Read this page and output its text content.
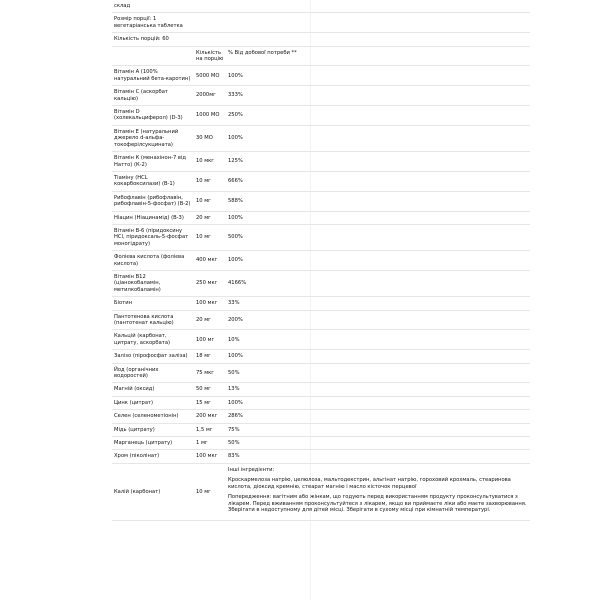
склад		
Розмір порції: 1 вегетаріанська таблетка		
Кількість порцій: 60		
	Кількість на порцію	% Від добової потреби **
Вітамін А (100% натуральний бета-каротин)	5000 МО	100%
Вітамін С (аскорбат кальцію)	2000мг	333%
Вітамін D (холекальциферол) (D-3)	1000 МО	250%
Вітамін Е (натуральний джерело d-альфа-токоферілсукцината)	30 МО	100%
Вітамін К (менахінон-7 від Натто) (К-2)	10 мкг	125%
Тіаміну (HCL кокарбоксилази) (В-1)	10 мг	666%
Рибофлавін (рибофлавін, рибофлавін-5-фосфат) (В-2)	10 мг	588%
Ніацин (Ніацинамід) (В-3)	20 мг	100%
Вітамін В-6 (піридоксину HCl, піридоксаль-5-фосфат моногідрату)	10 мг	500%
Фолієва кислота (фолієва кислота)	400 мкг	100%
Вітамін В12 (ціанокобаламін, метилкобаламін)	250 мкг	4166%
Біотин	100 мкг	33%
Пантотенова кислота (пантотенат кальцію)	20 мг	200%
Кальцій (карбонат, цитрату, аскорбата)	100 мг	10%
Залізо (пірофосфат заліза)	18 мг	100%
Йод (органічних водоростей)	75 мкг	50%
Магній (оксид)	50 мг	13%
Цинк (цитрат)	15 мг	100%
Селен (селенометіонін)	200 мкг	286%
Мідь (цитрату)	1,5 мг	75%
Марганець (цитрату)	1 мг	50%
Хром (піколінат)	100 мкг	83%
Калій (карбонат)	10 мг	Інші інгредієнти:

Кроскармелоза натрію, целюлоза, мальтодекстрин, альгінат натрію, гороховий крохмаль, стеаринова кислота, діоксид кремнію, стеарат магнію і масло кісточок перцевої

Попередження: вагітним або жінкам, що годують перед використанням продукту проконсультуватися з лікарем. Перед вживанням проконсультуйтеся з лікарем, якщо ви приймаєте ліки або маєте захворювання. Зберігати в недоступному для дітей місці. Зберігати в сухому місці при кімнатній температурі.
